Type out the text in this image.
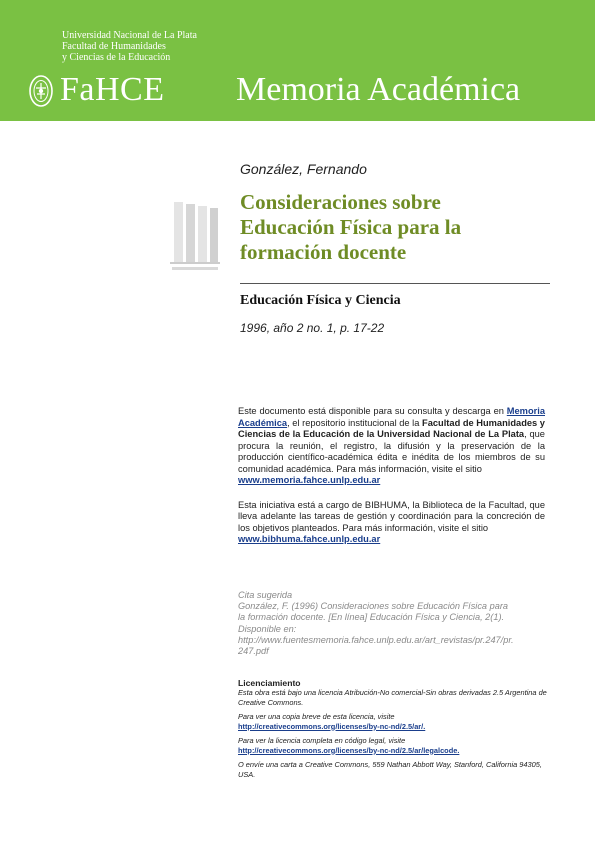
Universidad Nacional de La Plata
Facultad de Humanidades
y Ciencias de la Educación
FaHCE Memoria Académica
González, Fernando
Consideraciones sobre
Educación Física para la
formación docente
Educación Física y Ciencia
1996, año 2 no. 1, p. 17-22

Este documento está disponible para su consulta y descarga en Memoria Académica, el repositorio institucional de la Facultad de Humanidades y Ciencias de la Educación de la Universidad Nacional de La Plata, que procura la reunión, el registro, la difusión y la preservación de la producción científico-académica édita e inédita de los miembros de su comunidad académica. Para más información, visite el sitio

www.memoria.fahce.unlp.edu.ar

Esta iniciativa está a cargo de BIBHUMA, la Biblioteca de la Facultad, que lleva adelante las tareas de gestión y coordinación para la concreción de los objetivos planteados. Para más información, visite el sitio

www.bibhuma.fahce.unlp.edu.ar
Cita sugerida
González, F. (1996) Consideraciones sobre Educación Física para
la formación docente. [En línea] Educación Física y Ciencia, 2(1).
Disponible en:
http://www.fuentesmemoria.fahce.unlp.edu.ar/art_revistas/pr.247/pr.
247.pdf
Licenciamiento
Esta obra está bajo una licencia Atribución-No comercial-Sin obras derivadas 2.5 Argentina de Creative Commons.
Para ver una copia breve de esta licencia, visite
http://creativecommons.org/licenses/by-nc-nd/2.5/ar/.
Para ver la licencia completa en código legal, visite
http://creativecommons.org/licenses/by-nc-nd/2.5/ar/legalcode.
O envíe una carta a Creative Commons, 559 Nathan Abbott Way, Stanford, California 94305, USA.
